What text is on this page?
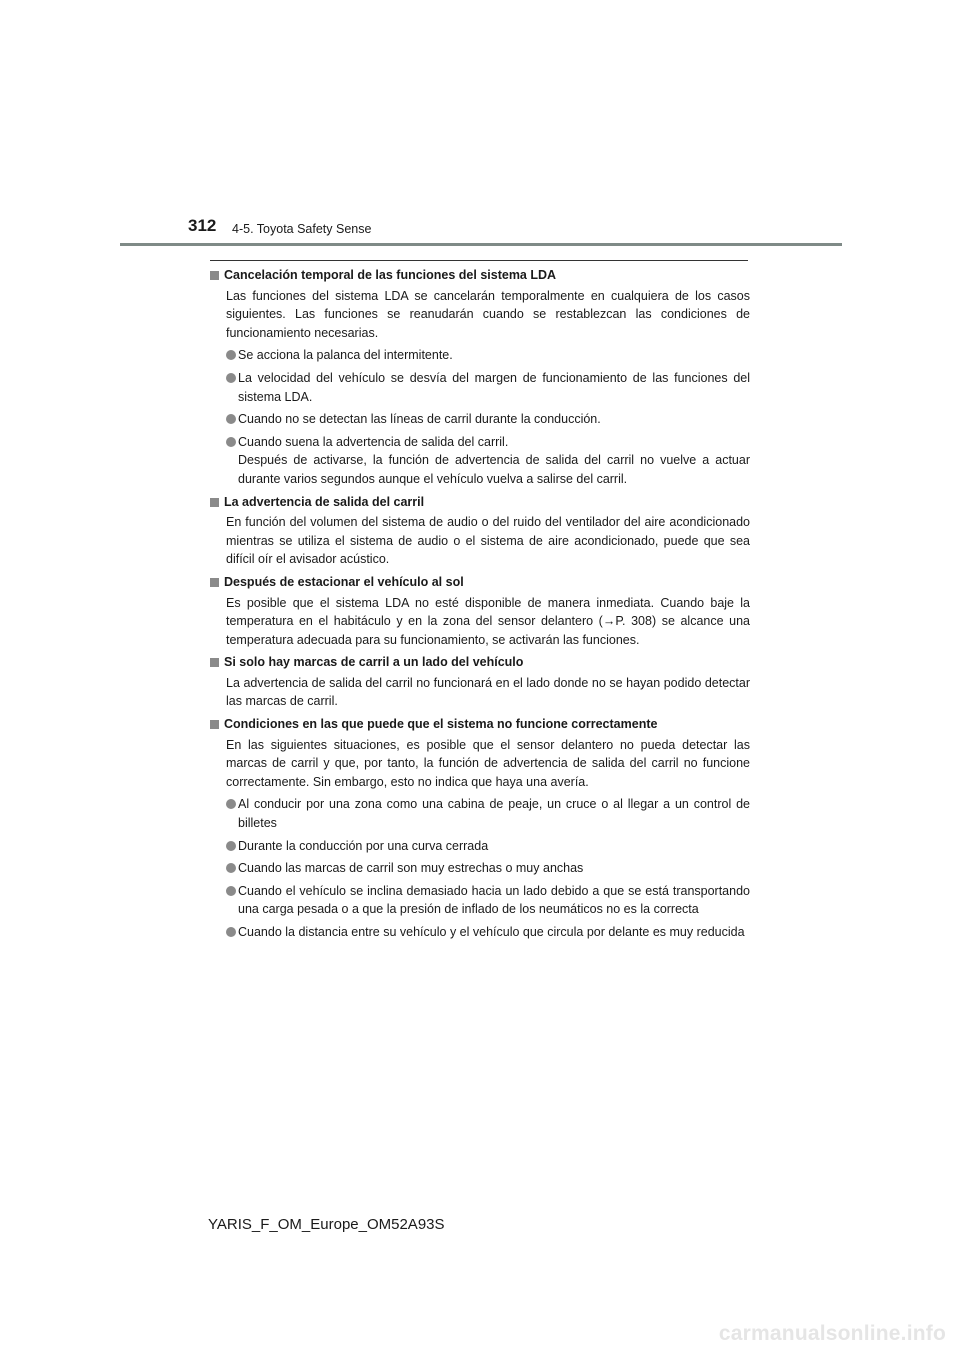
312 4-5. Toyota Safety Sense
Cancelación temporal de las funciones del sistema LDA
Las funciones del sistema LDA se cancelarán temporalmente en cualquiera de los casos siguientes. Las funciones se reanudarán cuando se restablezcan las condiciones de funcionamiento necesarias.
Se acciona la palanca del intermitente.
La velocidad del vehículo se desvía del margen de funcionamiento de las funciones del sistema LDA.
Cuando no se detectan las líneas de carril durante la conducción.
Cuando suena la advertencia de salida del carril.
Después de activarse, la función de advertencia de salida del carril no vuelve a actuar durante varios segundos aunque el vehículo vuelva a salirse del carril.
La advertencia de salida del carril
En función del volumen del sistema de audio o del ruido del ventilador del aire acondicionado mientras se utiliza el sistema de audio o el sistema de aire acondicionado, puede que sea difícil oír el avisador acústico.
Después de estacionar el vehículo al sol
Es posible que el sistema LDA no esté disponible de manera inmediata. Cuando baje la temperatura en el habitáculo y en la zona del sensor delantero (→P. 308) se alcance una temperatura adecuada para su funcionamiento, se activarán las funciones.
Si solo hay marcas de carril a un lado del vehículo
La advertencia de salida del carril no funcionará en el lado donde no se hayan podido detectar las marcas de carril.
Condiciones en las que puede que el sistema no funcione correctamente
En las siguientes situaciones, es posible que el sensor delantero no pueda detectar las marcas de carril y que, por tanto, la función de advertencia de salida del carril no funcione correctamente. Sin embargo, esto no indica que haya una avería.
Al conducir por una zona como una cabina de peaje, un cruce o al llegar a un control de billetes
Durante la conducción por una curva cerrada
Cuando las marcas de carril son muy estrechas o muy anchas
Cuando el vehículo se inclina demasiado hacia un lado debido a que se está transportando una carga pesada o a que la presión de inflado de los neumáticos no es la correcta
Cuando la distancia entre su vehículo y el vehículo que circula por delante es muy reducida
YARIS_F_OM_Europe_OM52A93S
carmanualsonline.info
